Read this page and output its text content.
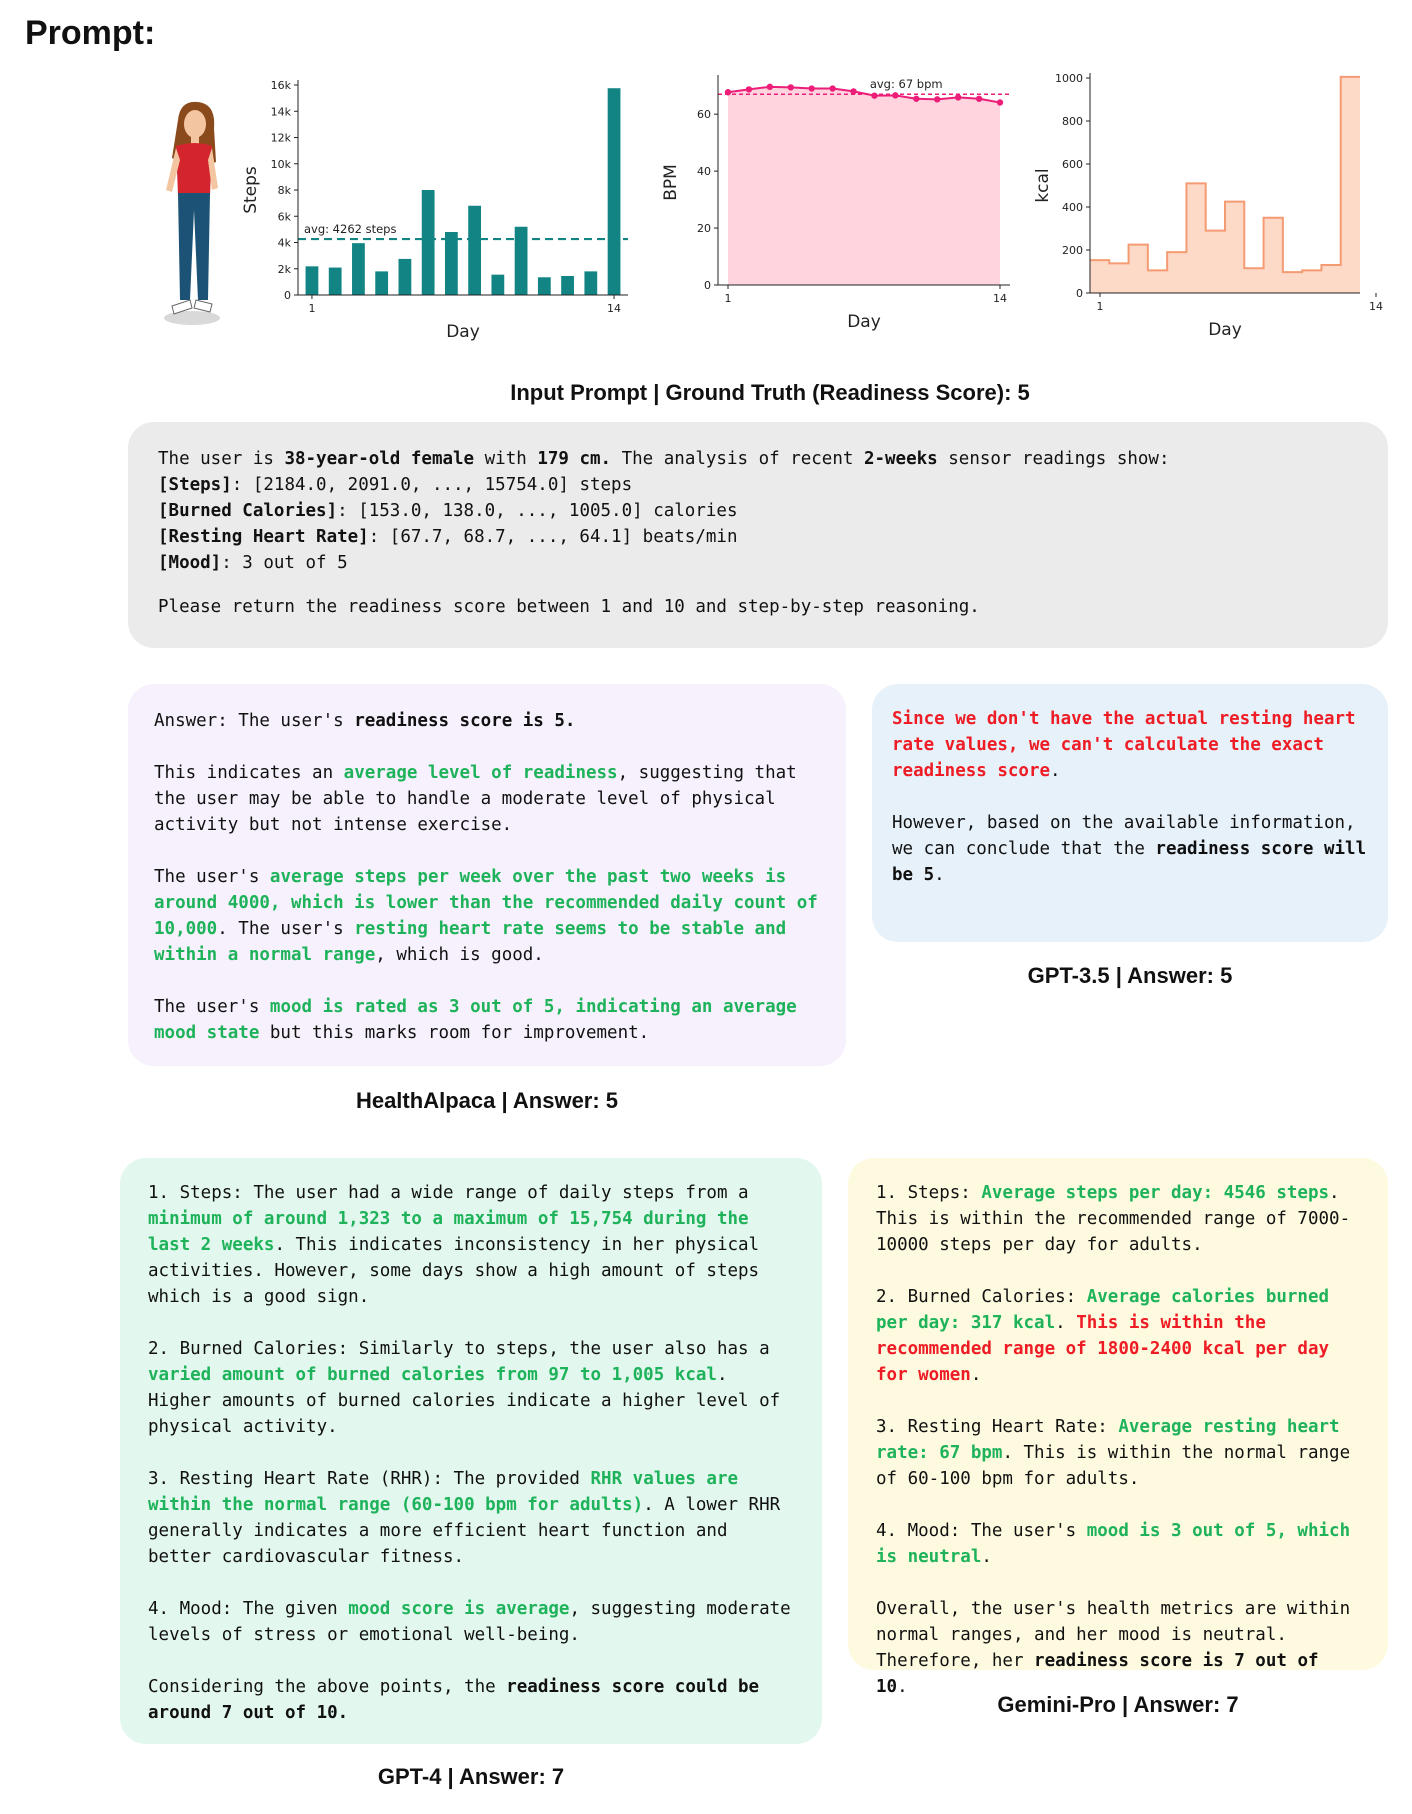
Prompt:
avg: 4262 steps
0
2k
4k
6k
8k
10k
12k
14k
16k
1	14
Day
Steps
avg: 67 bpm
0
20
40
60
1	14
Day
BPM
0
200
400
600
800
1000
1	14
Day
kcal
Input Prompt | Ground Truth (Readiness Score): 5
The user is 38-year-old female with 179 cm. The analysis of recent 2-weeks sensor readings show:
[Steps]: [2184.0, 2091.0, ..., 15754.0] steps
[Burned Calories]: [153.0, 138.0, ..., 1005.0] calories
[Resting Heart Rate]: [67.7, 68.7, ..., 64.1] beats/min
[Mood]: 3 out of 5
Please return the readiness score between 1 and 10 and step-by-step reasoning.

Answer: The user's readiness score is 5.

This indicates an average level of readiness, suggesting that the user may be able to handle a moderate level of physical activity but not intense exercise.

The user's average steps per week over the past two weeks is around 4000, which is lower than the recommended daily count of 10,000. The user's resting heart rate seems to be stable and within a normal range, which is good.

The user's mood is rated as 3 out of 5, indicating an average mood state but this marks room for improvement.

HealthAlpaca | Answer: 5

Since we don't have the actual resting heart rate values, we can't calculate the exact readiness score.

However, based on the available information, we can conclude that the readiness score will be 5.

GPT-3.5 | Answer: 5

1. Steps: The user had a wide range of daily steps from a minimum of around 1,323 to a maximum of 15,754 during the last 2 weeks. This indicates inconsistency in her physical activities. However, some days show a high amount of steps which is a good sign.

2. Burned Calories: Similarly to steps, the user also has a varied amount of burned calories from 97 to 1,005 kcal. Higher amounts of burned calories indicate a higher level of physical activity.

3. Resting Heart Rate (RHR): The provided RHR values are within the normal range (60-100 bpm for adults). A lower RHR generally indicates a more efficient heart function and better cardiovascular fitness.

4. Mood: The given mood score is average, suggesting moderate levels of stress or emotional well-being.

Considering the above points, the readiness score could be around 7 out of 10.

GPT-4 | Answer: 7

1. Steps: Average steps per day: 4546 steps. This is within the recommended range of 7000-10000 steps per day for adults.

2. Burned Calories: Average calories burned per day: 317 kcal. This is within the recommended range of 1800-2400 kcal per day for women.

3. Resting Heart Rate: Average resting heart rate: 67 bpm. This is within the normal range of 60-100 bpm for adults.

4. Mood: The user's mood is 3 out of 5, which is neutral.

Overall, the user's health metrics are within normal ranges, and her mood is neutral. Therefore, her readiness score is 7 out of 10.

Gemini-Pro | Answer: 7
